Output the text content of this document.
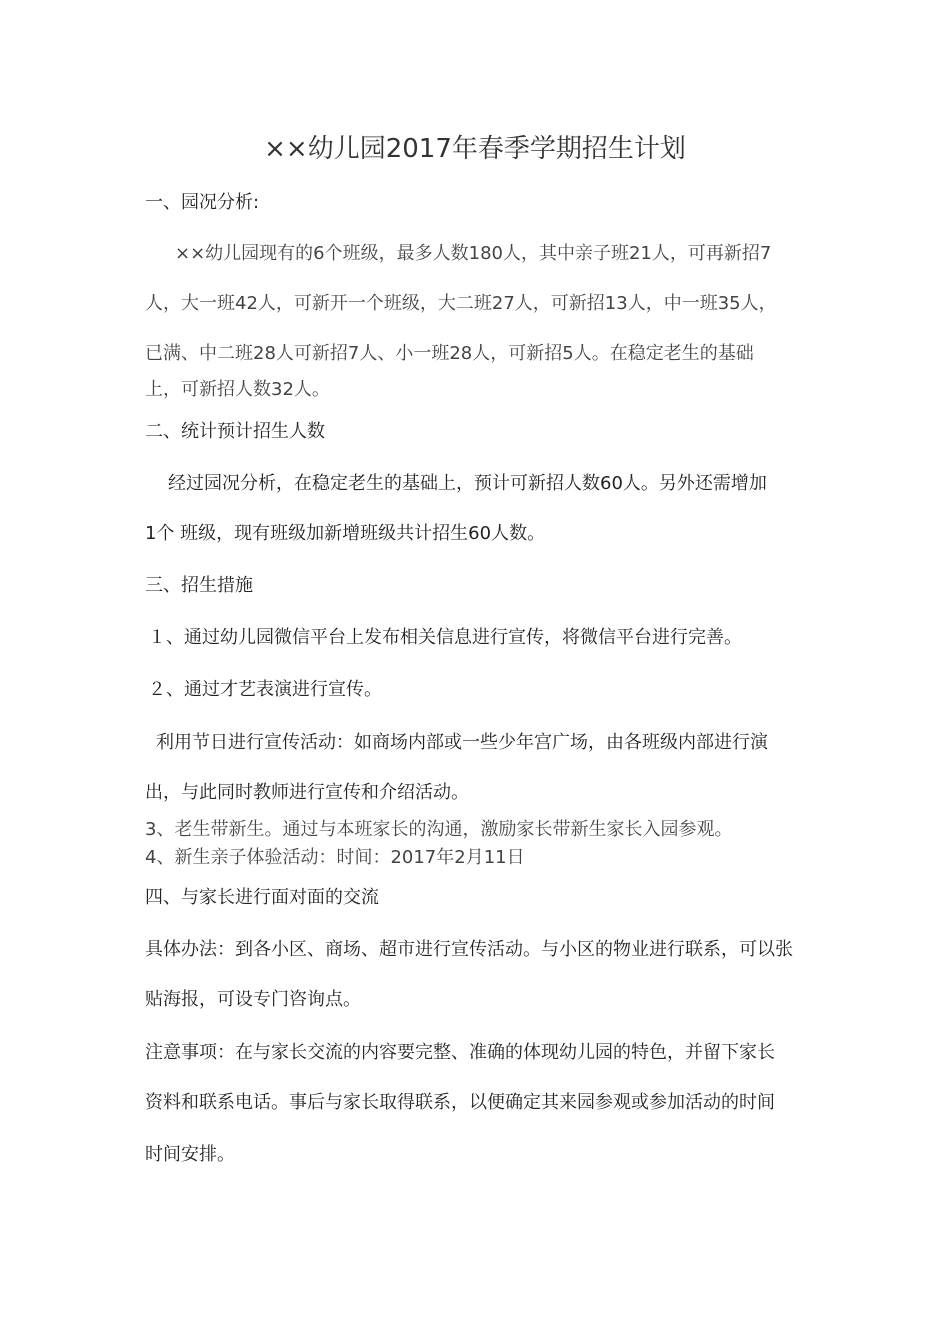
××幼儿园2017年春季学期招生计划
一、园况分析:
××幼儿园现有的6个班级，最多人数180人，其中亲子班21人，可再新招7
人，大一班42人，可新开一个班级，大二班27人，可新招13人，中一班35人，
已满、中二班28人可新招7人、小一班28人，可新招5人。在稳定老生的基础
上，可新招人数32人。
二、统计预计招生人数
经过园况分析，在稳定老生的基础上，预计可新招人数60人。另外还需增加
1个 班级，现有班级加新增班级共计招生60人数。
三、招生措施
１、通过幼儿园微信平台上发布相关信息进行宣传，将微信平台进行完善。
２、通过才艺表演进行宣传。
利用节日进行宣传活动：如商场内部或一些少年宫广场，由各班级内部进行演
出，与此同时教师进行宣传和介绍活动。
3、老生带新生。通过与本班家长的沟通，激励家长带新生家长入园参观。
4、新生亲子体验活动：时间：2017年2月11日
四、与家长进行面对面的交流
具体办法：到各小区、商场、超市进行宣传活动。与小区的物业进行联系，可以张
贴海报，可设专门咨询点。
注意事项：在与家长交流的内容要完整、准确的体现幼儿园的特色，并留下家长
资料和联系电话。事后与家长取得联系，以便确定其来园参观或参加活动的时间
时间安排。
